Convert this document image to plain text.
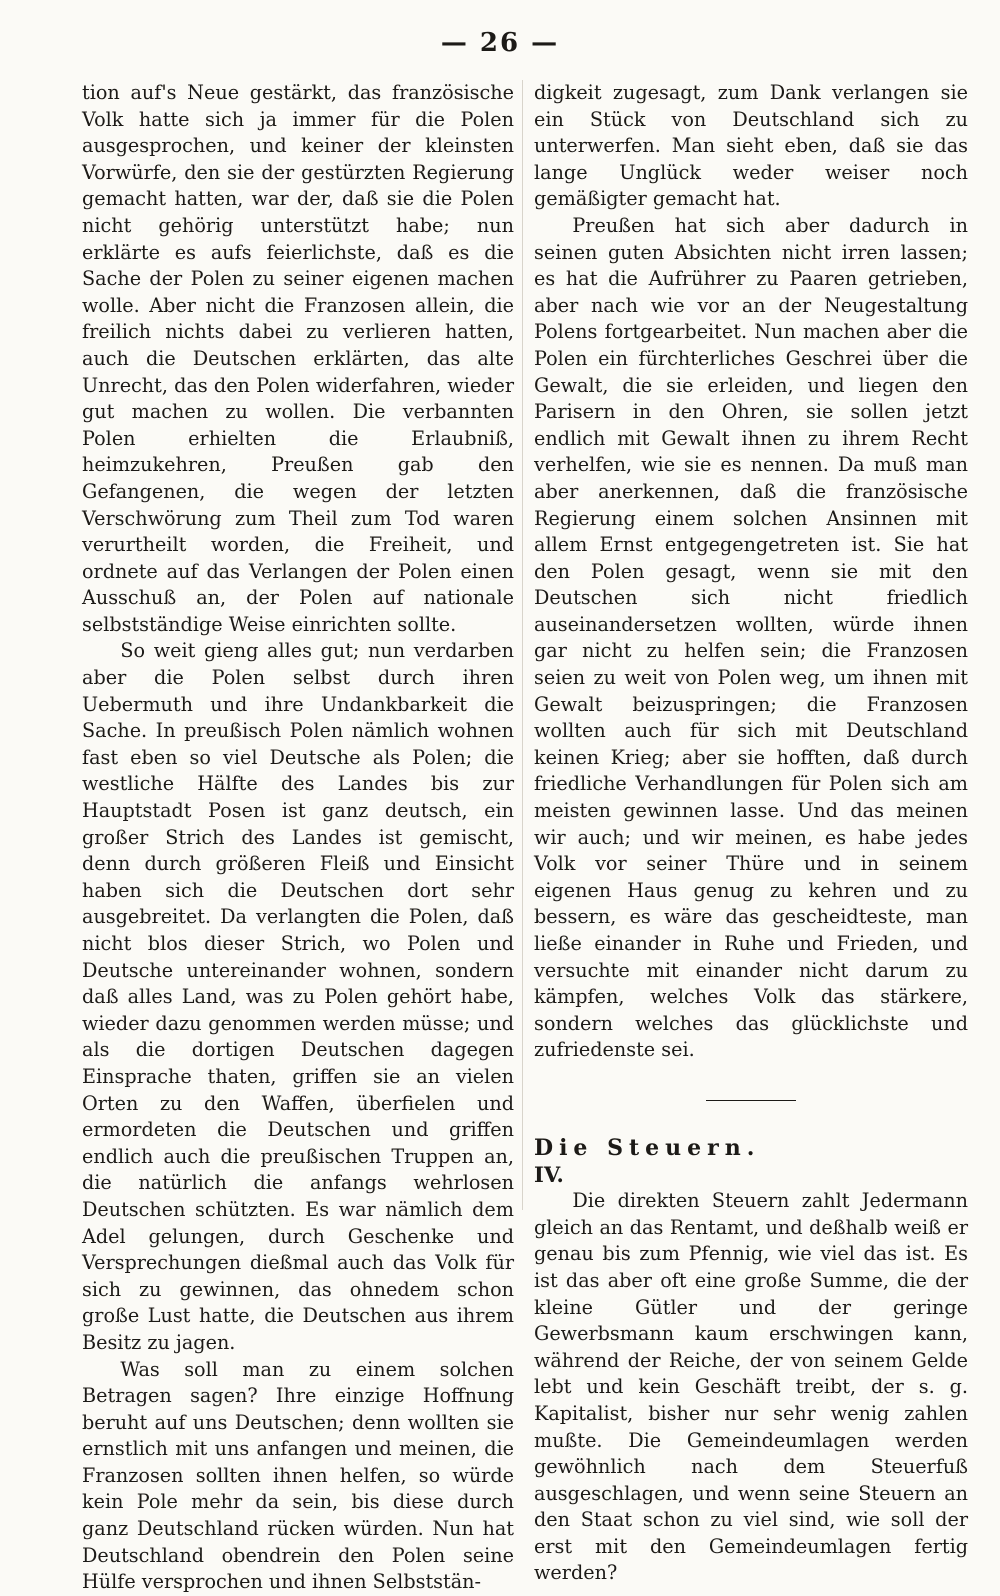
— 26 —

tion auf's Neue gestärkt, das französische Volk hatte sich ja immer für die Polen ausgesprochen, und keiner der kleinsten Vorwürfe, den sie der gestürzten Regierung gemacht hatten, war der, daß sie die Polen nicht gehörig unterstützt habe; nun erklärte es aufs feierlichste, daß es die Sache der Polen zu seiner eigenen machen wolle. Aber nicht die Franzosen allein, die freilich nichts dabei zu verlieren hatten, auch die Deutschen erklärten, das alte Unrecht, das den Polen widerfahren, wieder gut machen zu wollen. Die verbannten Polen erhielten die Erlaubniß, heimzukehren, Preußen gab den Gefangenen, die wegen der letzten Verschwörung zum Theil zum Tod waren verurtheilt worden, die Freiheit, und ordnete auf das Verlangen der Polen einen Ausschuß an, der Polen auf nationale selbstständige Weise einrichten sollte.

So weit gieng alles gut; nun verdarben aber die Polen selbst durch ihren Uebermuth und ihre Undankbarkeit die Sache. In preußisch Polen nämlich wohnen fast eben so viel Deutsche als Polen; die westliche Hälfte des Landes bis zur Hauptstadt Posen ist ganz deutsch, ein großer Strich des Landes ist gemischt, denn durch größeren Fleiß und Einsicht haben sich die Deutschen dort sehr ausgebreitet. Da verlangten die Polen, daß nicht blos dieser Strich, wo Polen und Deutsche untereinander wohnen, sondern daß alles Land, was zu Polen gehört habe, wieder dazu genommen werden müsse; und als die dortigen Deutschen dagegen Einsprache thaten, griffen sie an vielen Orten zu den Waffen, überfielen und ermordeten die Deutschen und griffen endlich auch die preußischen Truppen an, die natürlich die anfangs wehrlosen Deutschen schützten. Es war nämlich dem Adel gelungen, durch Geschenke und Versprechungen dießmal auch das Volk für sich zu gewinnen, das ohnedem schon große Lust hatte, die Deutschen aus ihrem Besitz zu jagen.

Was soll man zu einem solchen Betragen sagen? Ihre einzige Hoffnung beruht auf uns Deutschen; denn wollten sie ernstlich mit uns anfangen und meinen, die Franzosen sollten ihnen helfen, so würde kein Pole mehr da sein, bis diese durch ganz Deutschland rücken würden. Nun hat Deutschland obendrein den Polen seine Hülfe versprochen und ihnen Selbststän-

digkeit zugesagt, zum Dank verlangen sie ein Stück von Deutschland sich zu unterwerfen. Man sieht eben, daß sie das lange Unglück weder weiser noch gemäßigter gemacht hat.

Preußen hat sich aber dadurch in seinen guten Absichten nicht irren lassen; es hat die Aufrührer zu Paaren getrieben, aber nach wie vor an der Neugestaltung Polens fortgearbeitet. Nun machen aber die Polen ein fürchterliches Geschrei über die Gewalt, die sie erleiden, und liegen den Parisern in den Ohren, sie sollen jetzt endlich mit Gewalt ihnen zu ihrem Recht verhelfen, wie sie es nennen. Da muß man aber anerkennen, daß die französische Regierung einem solchen Ansinnen mit allem Ernst entgegengetreten ist. Sie hat den Polen gesagt, wenn sie mit den Deutschen sich nicht friedlich auseinandersetzen wollten, würde ihnen gar nicht zu helfen sein; die Franzosen seien zu weit von Polen weg, um ihnen mit Gewalt beizuspringen; die Franzosen wollten auch für sich mit Deutschland keinen Krieg; aber sie hofften, daß durch friedliche Verhandlungen für Polen sich am meisten gewinnen lasse. Und das meinen wir auch; und wir meinen, es habe jedes Volk vor seiner Thüre und in seinem eigenen Haus genug zu kehren und zu bessern, es wäre das gescheidteste, man ließe einander in Ruhe und Frieden, und versuchte mit einander nicht darum zu kämpfen, welches Volk das stärkere, sondern welches das glücklichste und zufriedenste sei.

Die Steuern.

IV.

Die direkten Steuern zahlt Jedermann gleich an das Rentamt, und deßhalb weiß er genau bis zum Pfennig, wie viel das ist. Es ist das aber oft eine große Summe, die der kleine Gütler und der geringe Gewerbsmann kaum erschwingen kann, während der Reiche, der von seinem Gelde lebt und kein Geschäft treibt, der s. g. Kapitalist, bisher nur sehr wenig zahlen mußte. Die Gemeindeumlagen werden gewöhnlich nach dem Steuerfuß ausgeschlagen, und wenn seine Steuern an den Staat schon zu viel sind, wie soll der erst mit den Gemeindeumlagen fertig werden?
